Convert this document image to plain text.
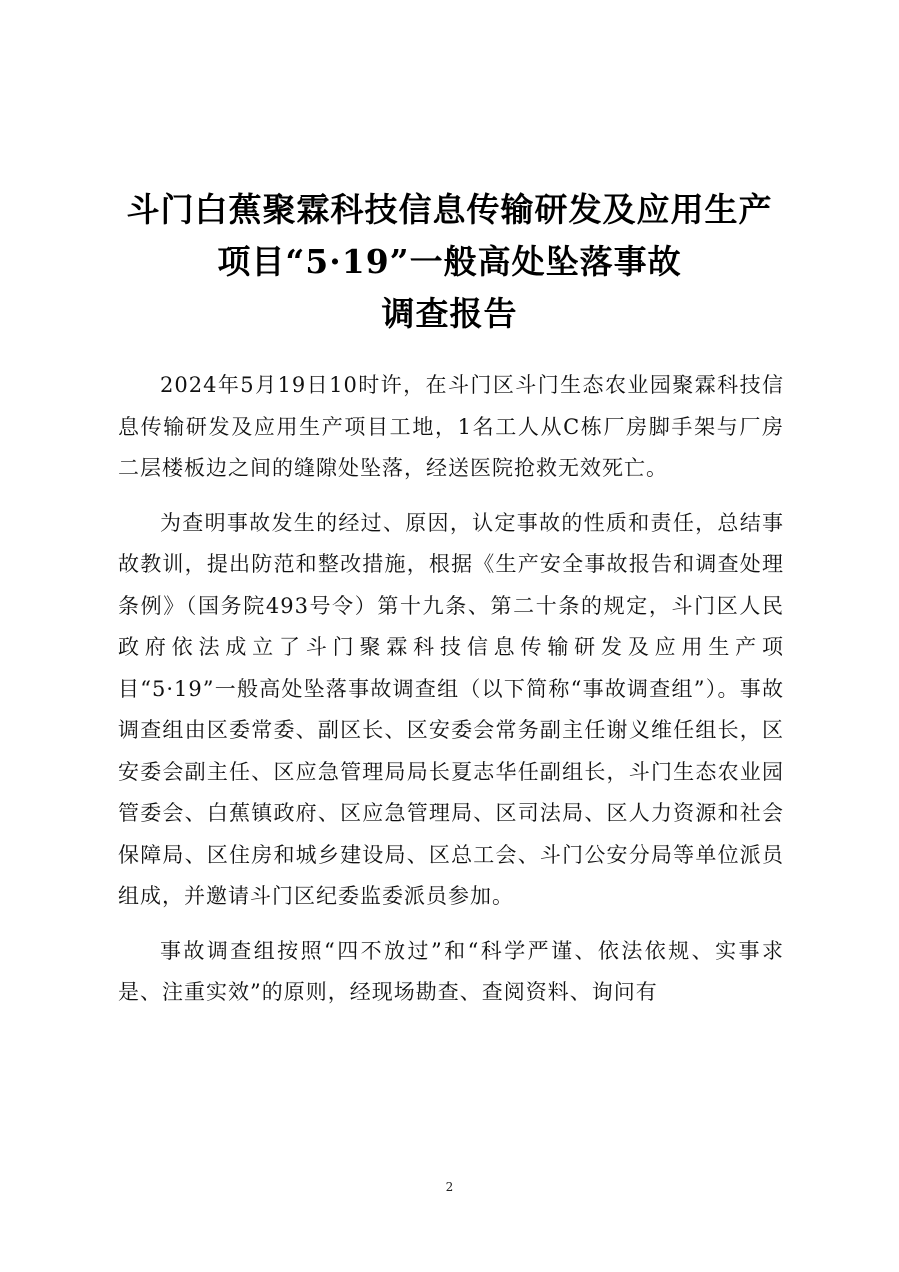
斗门白蕉聚霖科技信息传输研发及应用生产
项目“5·19”一般高处坠落事故
调查报告

2024年5月19日10时许，在斗门区斗门生态农业园聚霖科技信息传输研发及应用生产项目工地，1名工人从C栋厂房脚手架与厂房二层楼板边之间的缝隙处坠落，经送医院抢救无效死亡。

为查明事故发生的经过、原因，认定事故的性质和责任，总结事故教训，提出防范和整改措施，根据《生产安全事故报告和调查处理条例》（国务院493号令）第十九条、第二十条的规定，斗门区人民政府依法成立了斗门聚霖科技信息传输研发及应用生产项目“5·19”一般高处坠落事故调查组（以下简称“事故调查组”）。事故调查组由区委常委、副区长、区安委会常务副主任谢义维任组长，区安委会副主任、区应急管理局局长夏志华任副组长，斗门生态农业园管委会、白蕉镇政府、区应急管理局、区司法局、区人力资源和社会保障局、区住房和城乡建设局、区总工会、斗门公安分局等单位派员组成，并邀请斗门区纪委监委派员参加。

事故调查组按照“四不放过”和“科学严谨、依法依规、实事求是、注重实效”的原则，经现场勘查、查阅资料、询问有

2
